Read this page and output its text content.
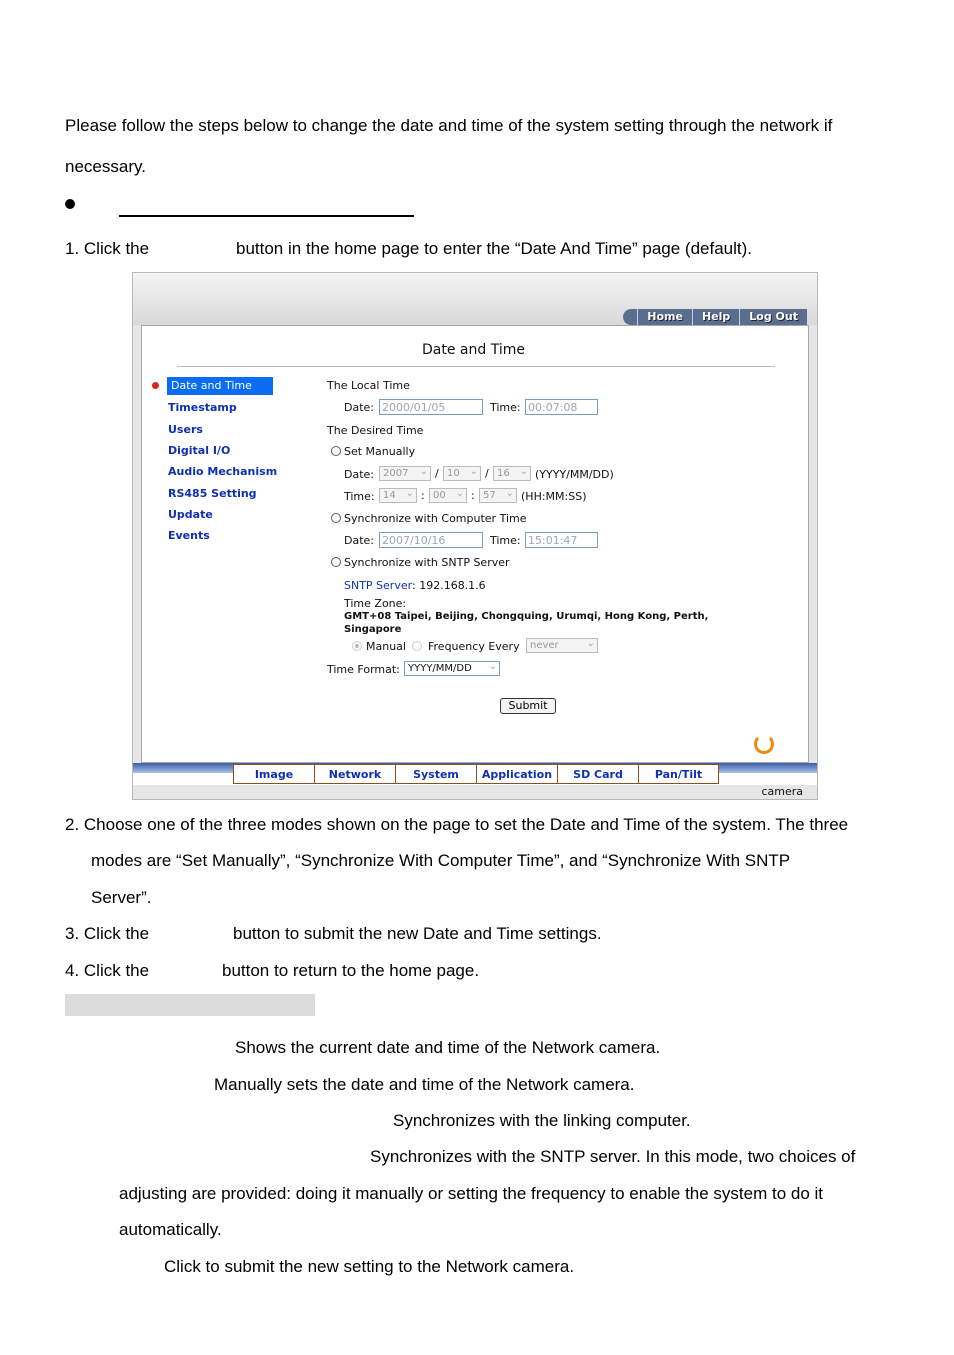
Please follow the steps below to change the date and time of the system setting through the network if
necessary.
1. Click the	button in the home page to enter the “Date And Time” page (default).
Home	Help	Log Out
Date and Time
Date and Time
Timestamp
Users
Digital I/O
Audio Mechanism
RS485 Setting
Update
Events
The Local Time
Date: 2000/01/05	Time: 00:07:08
The Desired Time
Set Manually
Date: 2007 ⌄	/ 10 ⌄	/ 16 ⌄	(YYYY/MM/DD)
Time: 14 ⌄	: 00 ⌄	: 57 ⌄	(HH:MM:SS)
Synchronize with Computer Time
Date: 2007/10/16	Time: 15:01:47
Synchronize with SNTP Server
SNTP Server : 192.168.1.6
Time Zone:
GMT+08 Taipei, Beijing, Chongquing, Urumqi, Hong Kong, Perth,
Singapore
Manual Frequency Every	never ⌄
Time Format: YYYY/MM/DD ⌄
Submit
Image	Network	System	Application	SD Card	Pan/Tilt
camera
2. Choose one of the three modes shown on the page to set the Date and Time of the system. The three
modes are “Set Manually”, “Synchronize With Computer Time”, and “Synchronize With SNTP
Server”.
3. Click the	button to submit the new Date and Time settings.
4. Click the	button to return to the home page.
Shows the current date and time of the Network camera.
Manually sets the date and time of the Network camera.
Synchronizes with the linking computer.
Synchronizes with the SNTP server. In this mode, two choices of
adjusting are provided: doing it manually or setting the frequency to enable the system to do it
automatically.
Click to submit the new setting to the Network camera.
